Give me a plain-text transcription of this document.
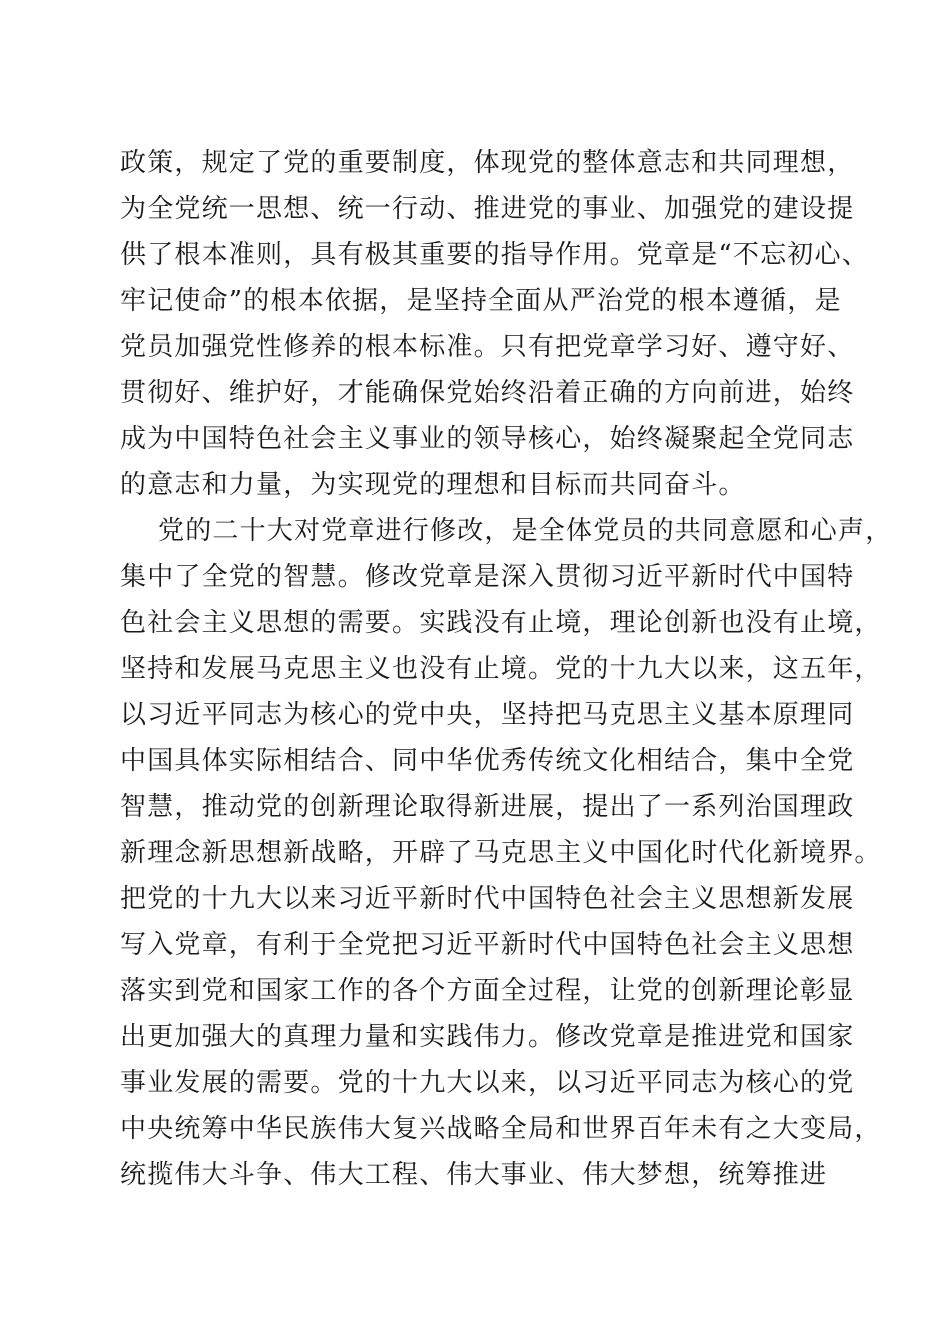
政策，规定了党的重要制度，体现党的整体意志和共同理想，
为全党统一思想、统一行动、推进党的事业、加强党的建设提
供了根本准则，具有极其重要的指导作用。党章是“不忘初心、
牢记使命”的根本依据，是坚持全面从严治党的根本遵循，是
党员加强党性修养的根本标准。只有把党章学习好、遵守好、
贯彻好、维护好，才能确保党始终沿着正确的方向前进，始终
成为中国特色社会主义事业的领导核心，始终凝聚起全党同志
的意志和力量，为实现党的理想和目标而共同奋斗。
党的二十大对党章进行修改，是全体党员的共同意愿和心声，
集中了全党的智慧。修改党章是深入贯彻习近平新时代中国特
色社会主义思想的需要。实践没有止境，理论创新也没有止境，
坚持和发展马克思主义也没有止境。党的十九大以来，这五年，
以习近平同志为核心的党中央，坚持把马克思主义基本原理同
中国具体实际相结合、同中华优秀传统文化相结合，集中全党
智慧，推动党的创新理论取得新进展，提出了一系列治国理政
新理念新思想新战略，开辟了马克思主义中国化时代化新境界。
把党的十九大以来习近平新时代中国特色社会主义思想新发展
写入党章，有利于全党把习近平新时代中国特色社会主义思想
落实到党和国家工作的各个方面全过程，让党的创新理论彰显
出更加强大的真理力量和实践伟力。修改党章是推进党和国家
事业发展的需要。党的十九大以来，以习近平同志为核心的党
中央统筹中华民族伟大复兴战略全局和世界百年未有之大变局，
统揽伟大斗争、伟大工程、伟大事业、伟大梦想，统筹推进
